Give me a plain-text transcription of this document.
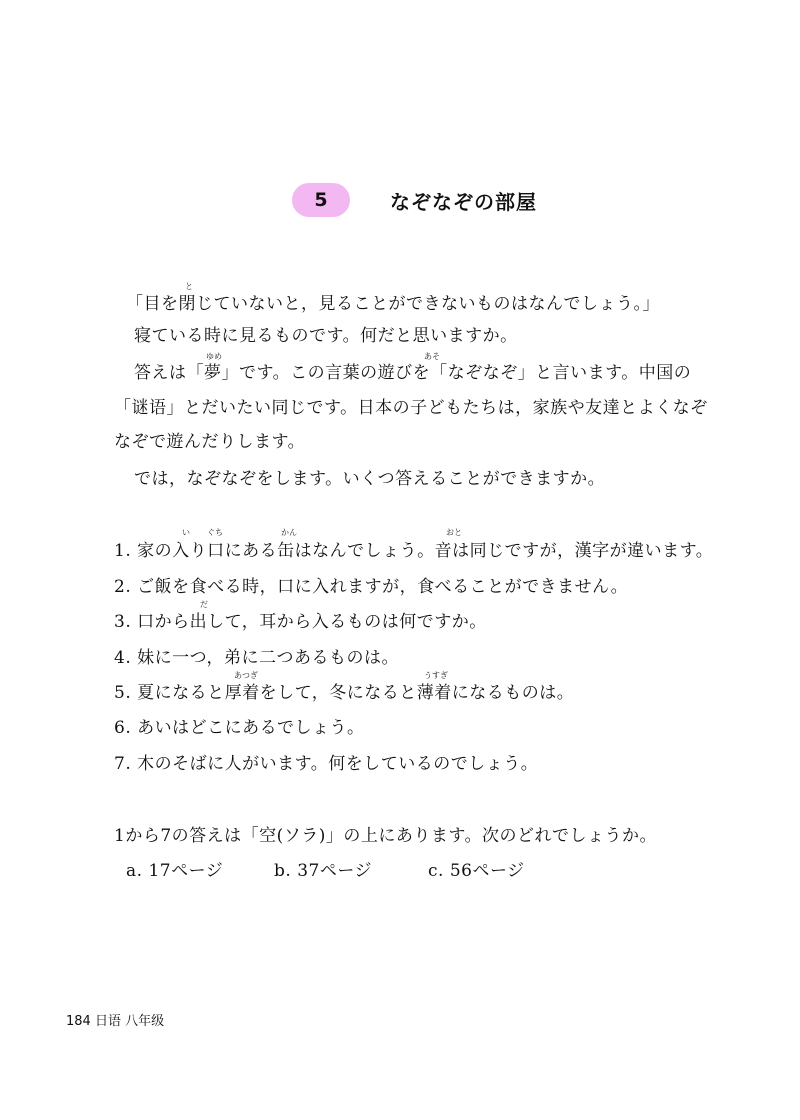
5	なぞなぞの部屋
「目を閉じていないと，見ることができないものはなんでしょう。」
と
寝ている時に見るものです。何だと思いますか。
ゆめ	あそ
答えは「夢」です。この言葉の遊びを「なぞなぞ」と言います。中国の
「谜语」とだいたい同じです。日本の子どもたちは，家族や友達とよくなぞ
なぞで遊んだりします。
では，なぞなぞをします。いくつ答えることができますか。
い ぐち	かん	おと
1. 家の入り口にある缶はなんでしょう。音は同じですが，漢字が違います。
2. ご飯を食べる時，口に入れますが，食べることができません。
だ
3. 口から出して，耳から入るものは何ですか。
4. 妹に一つ，弟に二つあるものは。
あつぎ	うすぎ
5. 夏になると厚着をして，冬になると薄着になるものは。
6. あいはどこにあるでしょう。
7. 木のそばに人がいます。何をしているのでしょう。
1から7の答えは「空(ソラ)」の上にあります。次のどれでしょうか。
a. 17ページ	b. 37ページ	c. 56ページ
184 日语 八年级
